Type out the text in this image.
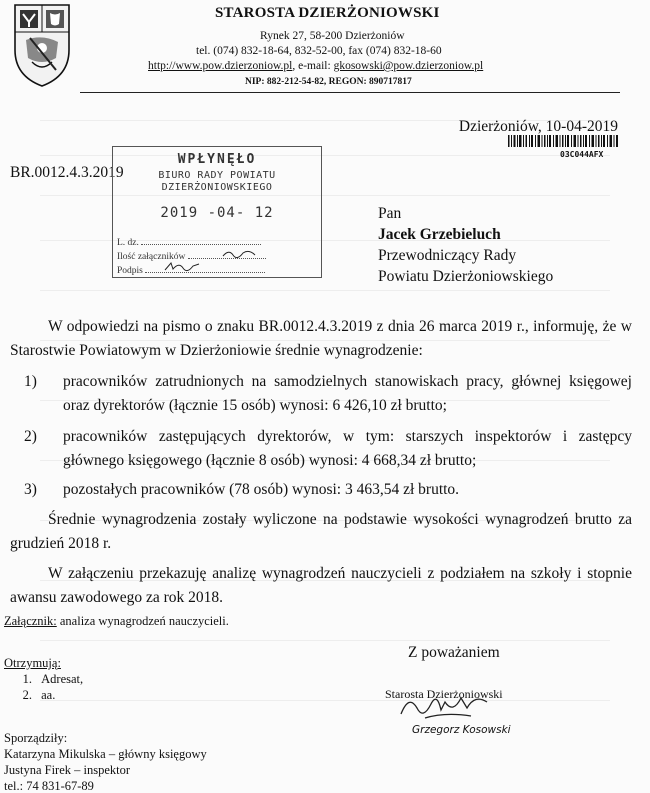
STAROSTA DZIERŻONIOWSKI
Rynek 27, 58-200 Dzierżoniów
tel. (074) 832-18-64, 832-52-00, fax (074) 832-18-60
http://www.pow.dzierzoniow.pl, e-mail: gkosowski@pow.dzierzoniow.pl
NIP: 882-212-54-82, REGON: 890717817
Dzierżoniów, 10-04-2019
03C044AFX
BR.0012.4.3.2019
WPŁYNĘŁO
BIURO RADY POWIATU
DZIERŻONIOWSKIEGO
2019 -04- 12
L. dz.
Ilość załączników
Podpis
Pan
Jacek Grzebieluch
Przewodniczący Rady
Powiatu Dzierżoniowskiego
W odpowiedzi na pismo o znaku BR.0012.4.3.2019 z dnia 26 marca 2019 r., informuję, że w Starostwie Powiatowym w Dzierżoniowie średnie wynagrodzenie:
1) pracowników zatrudnionych na samodzielnych stanowiskach pracy, głównej księgowej oraz dyrektorów (łącznie 15 osób) wynosi: 6 426,10 zł brutto;
2) pracowników zastępujących dyrektorów, w tym: starszych inspektorów i zastępcy głównego księgowego (łącznie 8 osób) wynosi: 4 668,34 zł brutto;
3) pozostałych pracowników (78 osób) wynosi: 3 463,54 zł brutto.
Średnie wynagrodzenia zostały wyliczone na podstawie wysokości wynagrodzeń brutto za grudzień 2018 r.
W załączeniu przekazuję analizę wynagrodzeń nauczycieli z podziałem na szkoły i stopnie awansu zawodowego za rok 2018.
Załącznik: analiza wynagrodzeń nauczycieli.
Z poważaniem
Otrzymują:
1. Adresat,
2. aa.	Starosta Dzierżoniowski
Grzegorz Kosowski
Sporządziły:
Katarzyna Mikulska – główny księgowy
Justyna Firek – inspektor
tel.: 74 831-67-89
